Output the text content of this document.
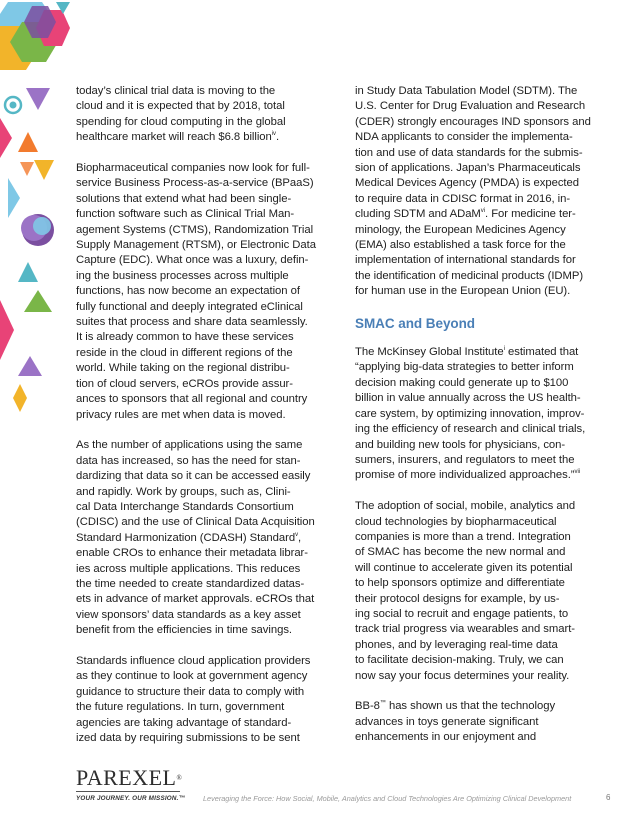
today’s clinical trial data is moving to the
cloud and it is expected that by 2018, total
spending for cloud computing in the global
healthcare market will reach $6.8 billion$^{iv}$.

Biopharmaceutical companies now look for full-
service Business Process-as-a-service (BPaaS)
solutions that extend what had been single-
function software such as Clinical Trial Man-
agement Systems (CTMS), Randomization Trial
Supply Management (RTSM), or Electronic Data
Capture (EDC). What once was a luxury, defin-
ing the business processes across multiple
functions, has now become an expectation of
fully functional and deeply integrated eClinical
suites that process and share data seamlessly.
It is already common to have these services
reside in the cloud in different regions of the
world. While taking on the regional distribu-
tion of cloud servers, eCROs provide assur-
ances to sponsors that all regional and country
privacy rules are met when data is moved.

As the number of applications using the same
data has increased, so has the need for stan-
dardizing that data so it can be accessed easily
and rapidly. Work by groups, such as, Clini-
cal Data Interchange Standards Consortium
(CDISC) and the use of Clinical Data Acquisition
Standard Harmonization (CDASH) Standard$^v$,
enable CROs to enhance their metadata librar-
ies across multiple applications. This reduces
the time needed to create standardized datas-
ets in advance of market approvals. eCROs that
view sponsors’ data standards as a key asset
benefit from the efficiencies in time savings.

Standards influence cloud application providers
as they continue to look at government agency
guidance to structure their data to comply with
the future regulations. In turn, government
agencies are taking advantage of standard-
ized data by requiring submissions to be sent

in Study Data Tabulation Model (SDTM). The
U.S. Center for Drug Evaluation and Research
(CDER) strongly encourages IND sponsors and
NDA applicants to consider the implementa-
tion and use of data standards for the submis-
sion of applications. Japan’s Pharmaceuticals
Medical Devices Agency (PMDA) is expected
to require data in CDISC format in 2016, in-
cluding SDTM and ADaM$^{vi}$. For medicine ter-
minology, the European Medicines Agency
(EMA) also established a task force for the
implementation of international standards for
the identification of medicinal products (IDMP)
for human use in the European Union (EU).

SMAC and Beyond

The McKinsey Global Institute$^i$ estimated that
“applying big-data strategies to better inform
decision making could generate up to $100
billion in value annually across the US health-
care system, by optimizing innovation, improv-
ing the efficiency of research and clinical trials,
and building new tools for physicians, con-
sumers, insurers, and regulators to meet the
promise of more individualized approaches.”$^{vii}$

The adoption of social, mobile, analytics and
cloud technologies by biopharmaceutical
companies is more than a trend. Integration
of SMAC has become the new normal and
will continue to accelerate given its potential
to help sponsors optimize and differentiate
their protocol designs for example, by us-
ing social to recruit and engage patients, to
track trial progress via wearables and smart-
phones, and by leveraging real-time data
to facilitate decision-making. Truly, we can
now say your focus determines your reality.

BB-8™ has shown us that the technology
advances in toys generate significant
enhancements in our enjoyment and

PAREXEL®
YOUR JOURNEY. OUR MISSION.™ Leveraging the Force: How Social, Mobile, Analytics and Cloud Technologies Are Optimizing Clinical Development	6
